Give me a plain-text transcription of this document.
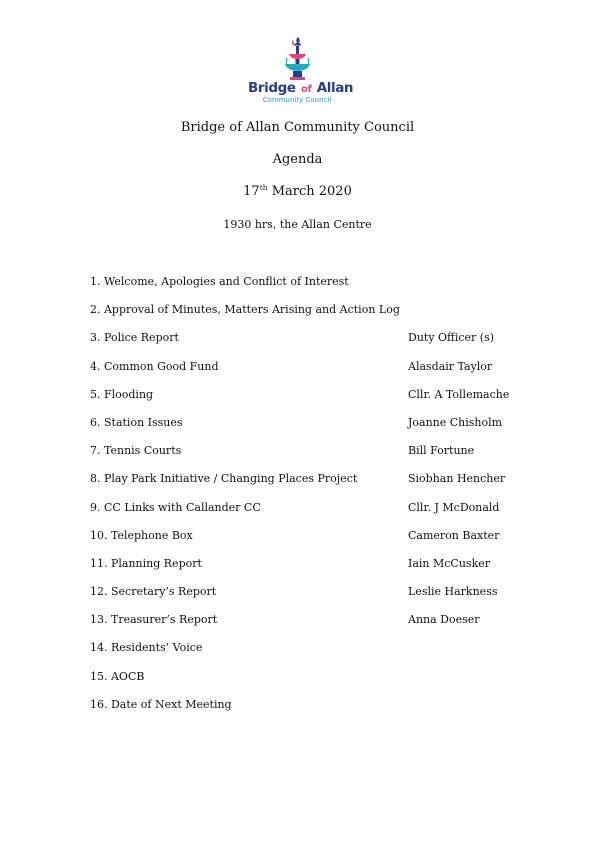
Bridge of Allan
Community Council
Bridge of Allan Community Council
Agenda
17th March 2020
1930 hrs, the Allan Centre
1. Welcome, Apologies and Conflict of Interest
2. Approval of Minutes, Matters Arising and Action Log
3. Police Report	Duty Officer (s)
4. Common Good Fund	Alasdair Taylor
5. Flooding	Cllr. A Tollemache
6. Station Issues	Joanne Chisholm
7. Tennis Courts	Bill Fortune
8. Play Park Initiative / Changing Places Project	Siobhan Hencher
9. CC Links with Callander CC	Cllr. J McDonald
10. Telephone Box	Cameron Baxter
11. Planning Report	Iain McCusker
12. Secretary’s Report	Leslie Harkness
13. Treasurer’s Report	Anna Doeser
14. Residents’ Voice
15. AOCB
16. Date of Next Meeting
